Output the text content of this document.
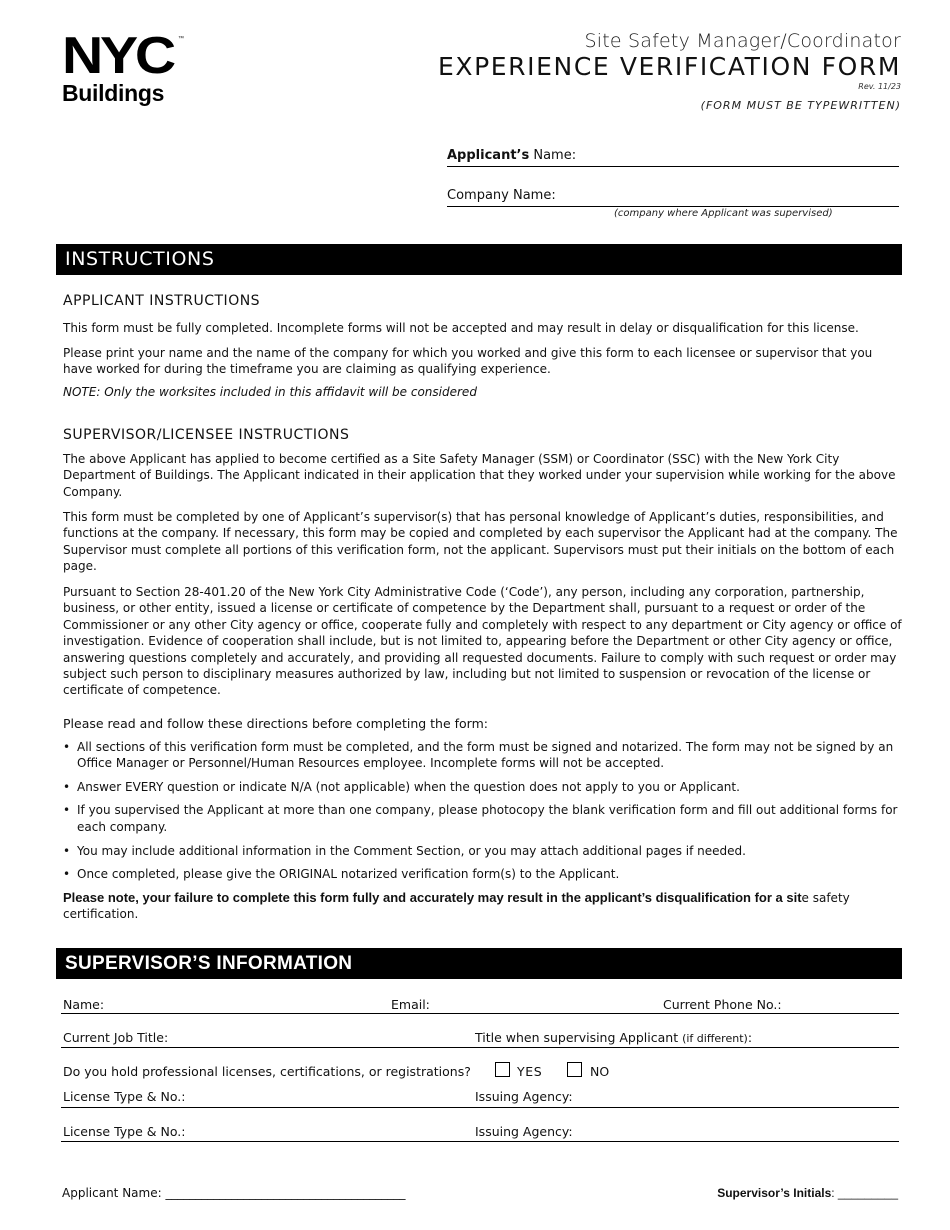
NYC ™
Buildings
Site Safety Manager/Coordinator
EXPERIENCE VERIFICATION FORM
Rev. 11/23
(FORM MUST BE TYPEWRITTEN)
Applicant’s Name:
Company Name:
(company where Applicant was supervised)
INSTRUCTIONS
APPLICANT INSTRUCTIONS
This form must be fully completed. Incomplete forms will not be accepted and may result in delay or disqualification for this license.
Please print your name and the name of the company for which you worked and give this form to each licensee or supervisor that you have worked for during the timeframe you are claiming as qualifying experience.
NOTE: Only the worksites included in this affidavit will be considered
SUPERVISOR/LICENSEE INSTRUCTIONS
The above Applicant has applied to become certified as a Site Safety Manager (SSM) or Coordinator (SSC) with the New York City Department of Buildings. The Applicant indicated in their application that they worked under your supervision while working for the above Company.
This form must be completed by one of Applicant’s supervisor(s) that has personal knowledge of Applicant’s duties, responsibilities, and functions at the company. If necessary, this form may be copied and completed by each supervisor the Applicant had at the company. The Supervisor must complete all portions of this verification form, not the applicant. Supervisors must put their initials on the bottom of each page.
Pursuant to Section 28-401.20 of the New York City Administrative Code (‘Code’), any person, including any corporation, partnership, business, or other entity, issued a license or certificate of competence by the Department shall, pursuant to a request or order of the Commissioner or any other City agency or office, cooperate fully and completely with respect to any department or City agency or office of investigation. Evidence of cooperation shall include, but is not limited to, appearing before the Department or other City agency or office, answering questions completely and accurately, and providing all requested documents. Failure to comply with such request or order may subject such person to disciplinary measures authorized by law, including but not limited to suspension or revocation of the license or certificate of competence.
Please read and follow these directions before completing the form:
• All sections of this verification form must be completed, and the form must be signed and notarized. The form may not be signed by an Office Manager or Personnel/Human Resources employee. Incomplete forms will not be accepted.
• Answer EVERY question or indicate N/A (not applicable) when the question does not apply to you or Applicant.
• If you supervised the Applicant at more than one company, please photocopy the blank verification form and fill out additional forms for each company.
• You may include additional information in the Comment Section, or you may attach additional pages if needed.
• Once completed, please give the ORIGINAL notarized verification form(s) to the Applicant.
Please note, your failure to complete this form fully and accurately may result in the applicant’s disqualification for a site safety certification.
SUPERVISOR’S INFORMATION
Name:	Email:	Current Phone No.:
Current Job Title:	Title when supervising Applicant (if different):
Do you hold professional licenses, certifications, or registrations?	YES	NO
License Type & No.:	Issuing Agency:
License Type & No.:	Issuing Agency:
Applicant Name: ________________________________________	Supervisor’s Initials: _________
